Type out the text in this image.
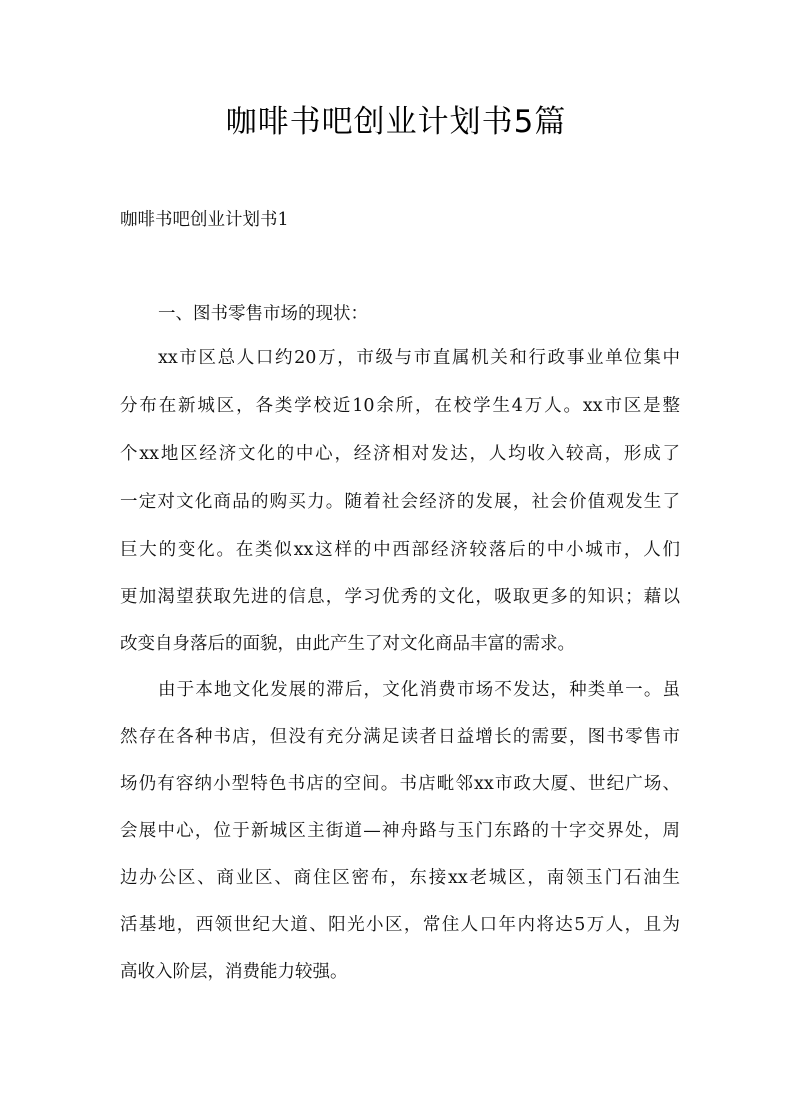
咖啡书吧创业计划书5篇
咖啡书吧创业计划书1
一、图书零售市场的现状：
xx市区总人口约20万，市级与市直属机关和行政事业单位集中
分布在新城区，各类学校近10余所，在校学生4万人。xx市区是整
个xx地区经济文化的中心，经济相对发达，人均收入较高，形成了
一定对文化商品的购买力。随着社会经济的发展，社会价值观发生了
巨大的变化。在类似xx这样的中西部经济较落后的中小城市，人们
更加渴望获取先进的信息，学习优秀的文化，吸取更多的知识；藉以
改变自身落后的面貌，由此产生了对文化商品丰富的需求。
由于本地文化发展的滞后，文化消费市场不发达，种类单一。虽
然存在各种书店，但没有充分满足读者日益增长的需要，图书零售市
场仍有容纳小型特色书店的空间。书店毗邻xx市政大厦、世纪广场、
会展中心，位于新城区主街道—神舟路与玉门东路的十字交界处，周
边办公区、商业区、商住区密布，东接xx老城区，南领玉门石油生
活基地，西领世纪大道、阳光小区，常住人口年内将达5万人，且为
高收入阶层，消费能力较强。
